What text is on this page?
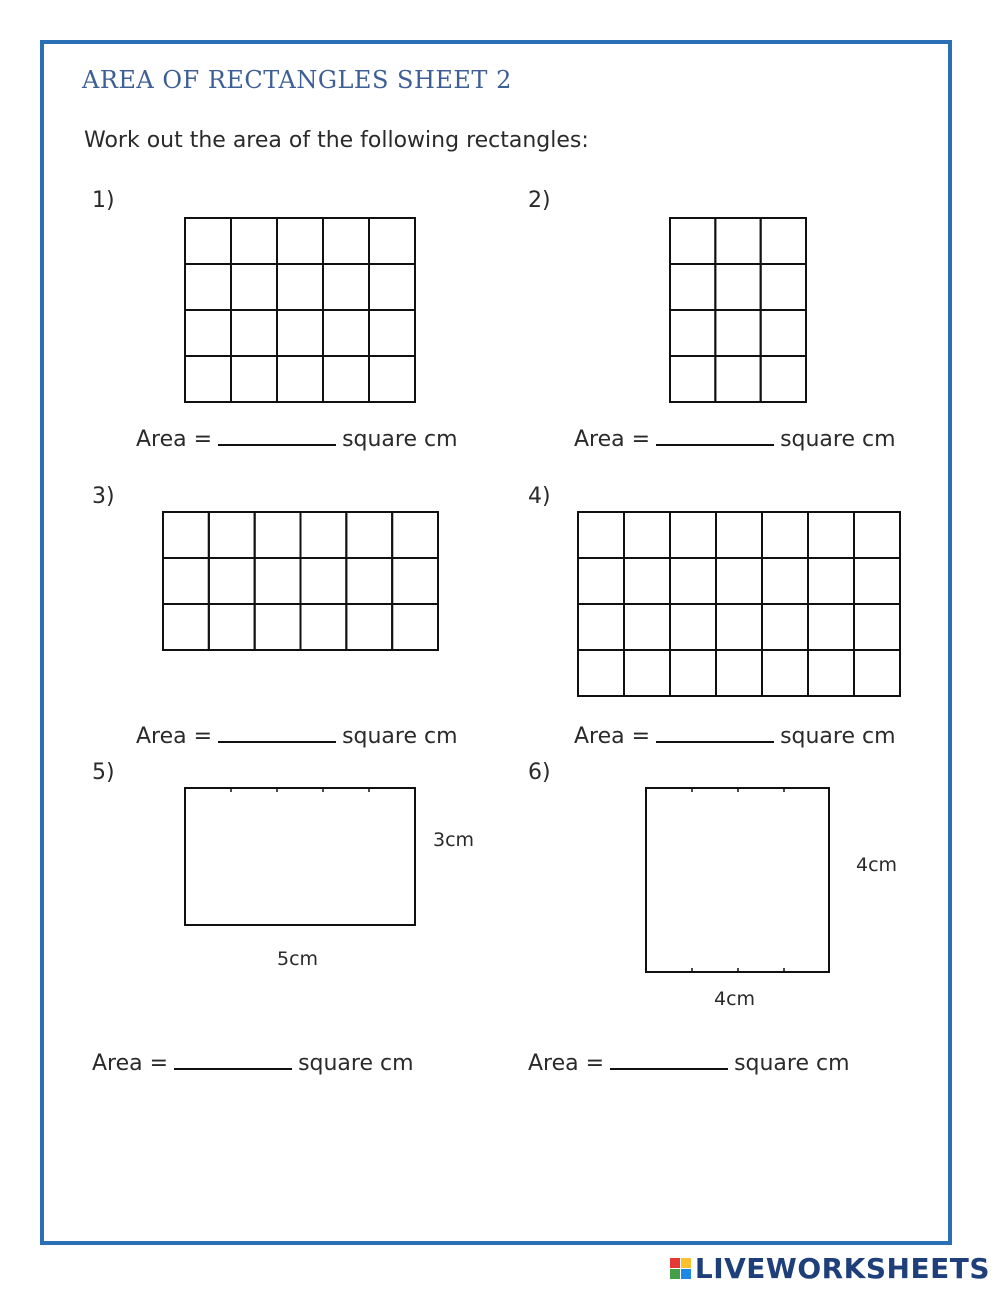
AREA OF RECTANGLES SHEET 2
Work out the area of the following rectangles:
1)
Area =	square cm
2)
Area =	square cm
3)
Area =	square cm
4)
Area =	square cm
5)
3cm
5cm
Area =	square cm
6)
4cm
4cm
Area =	square cm
LIVEWORKSHEETS
